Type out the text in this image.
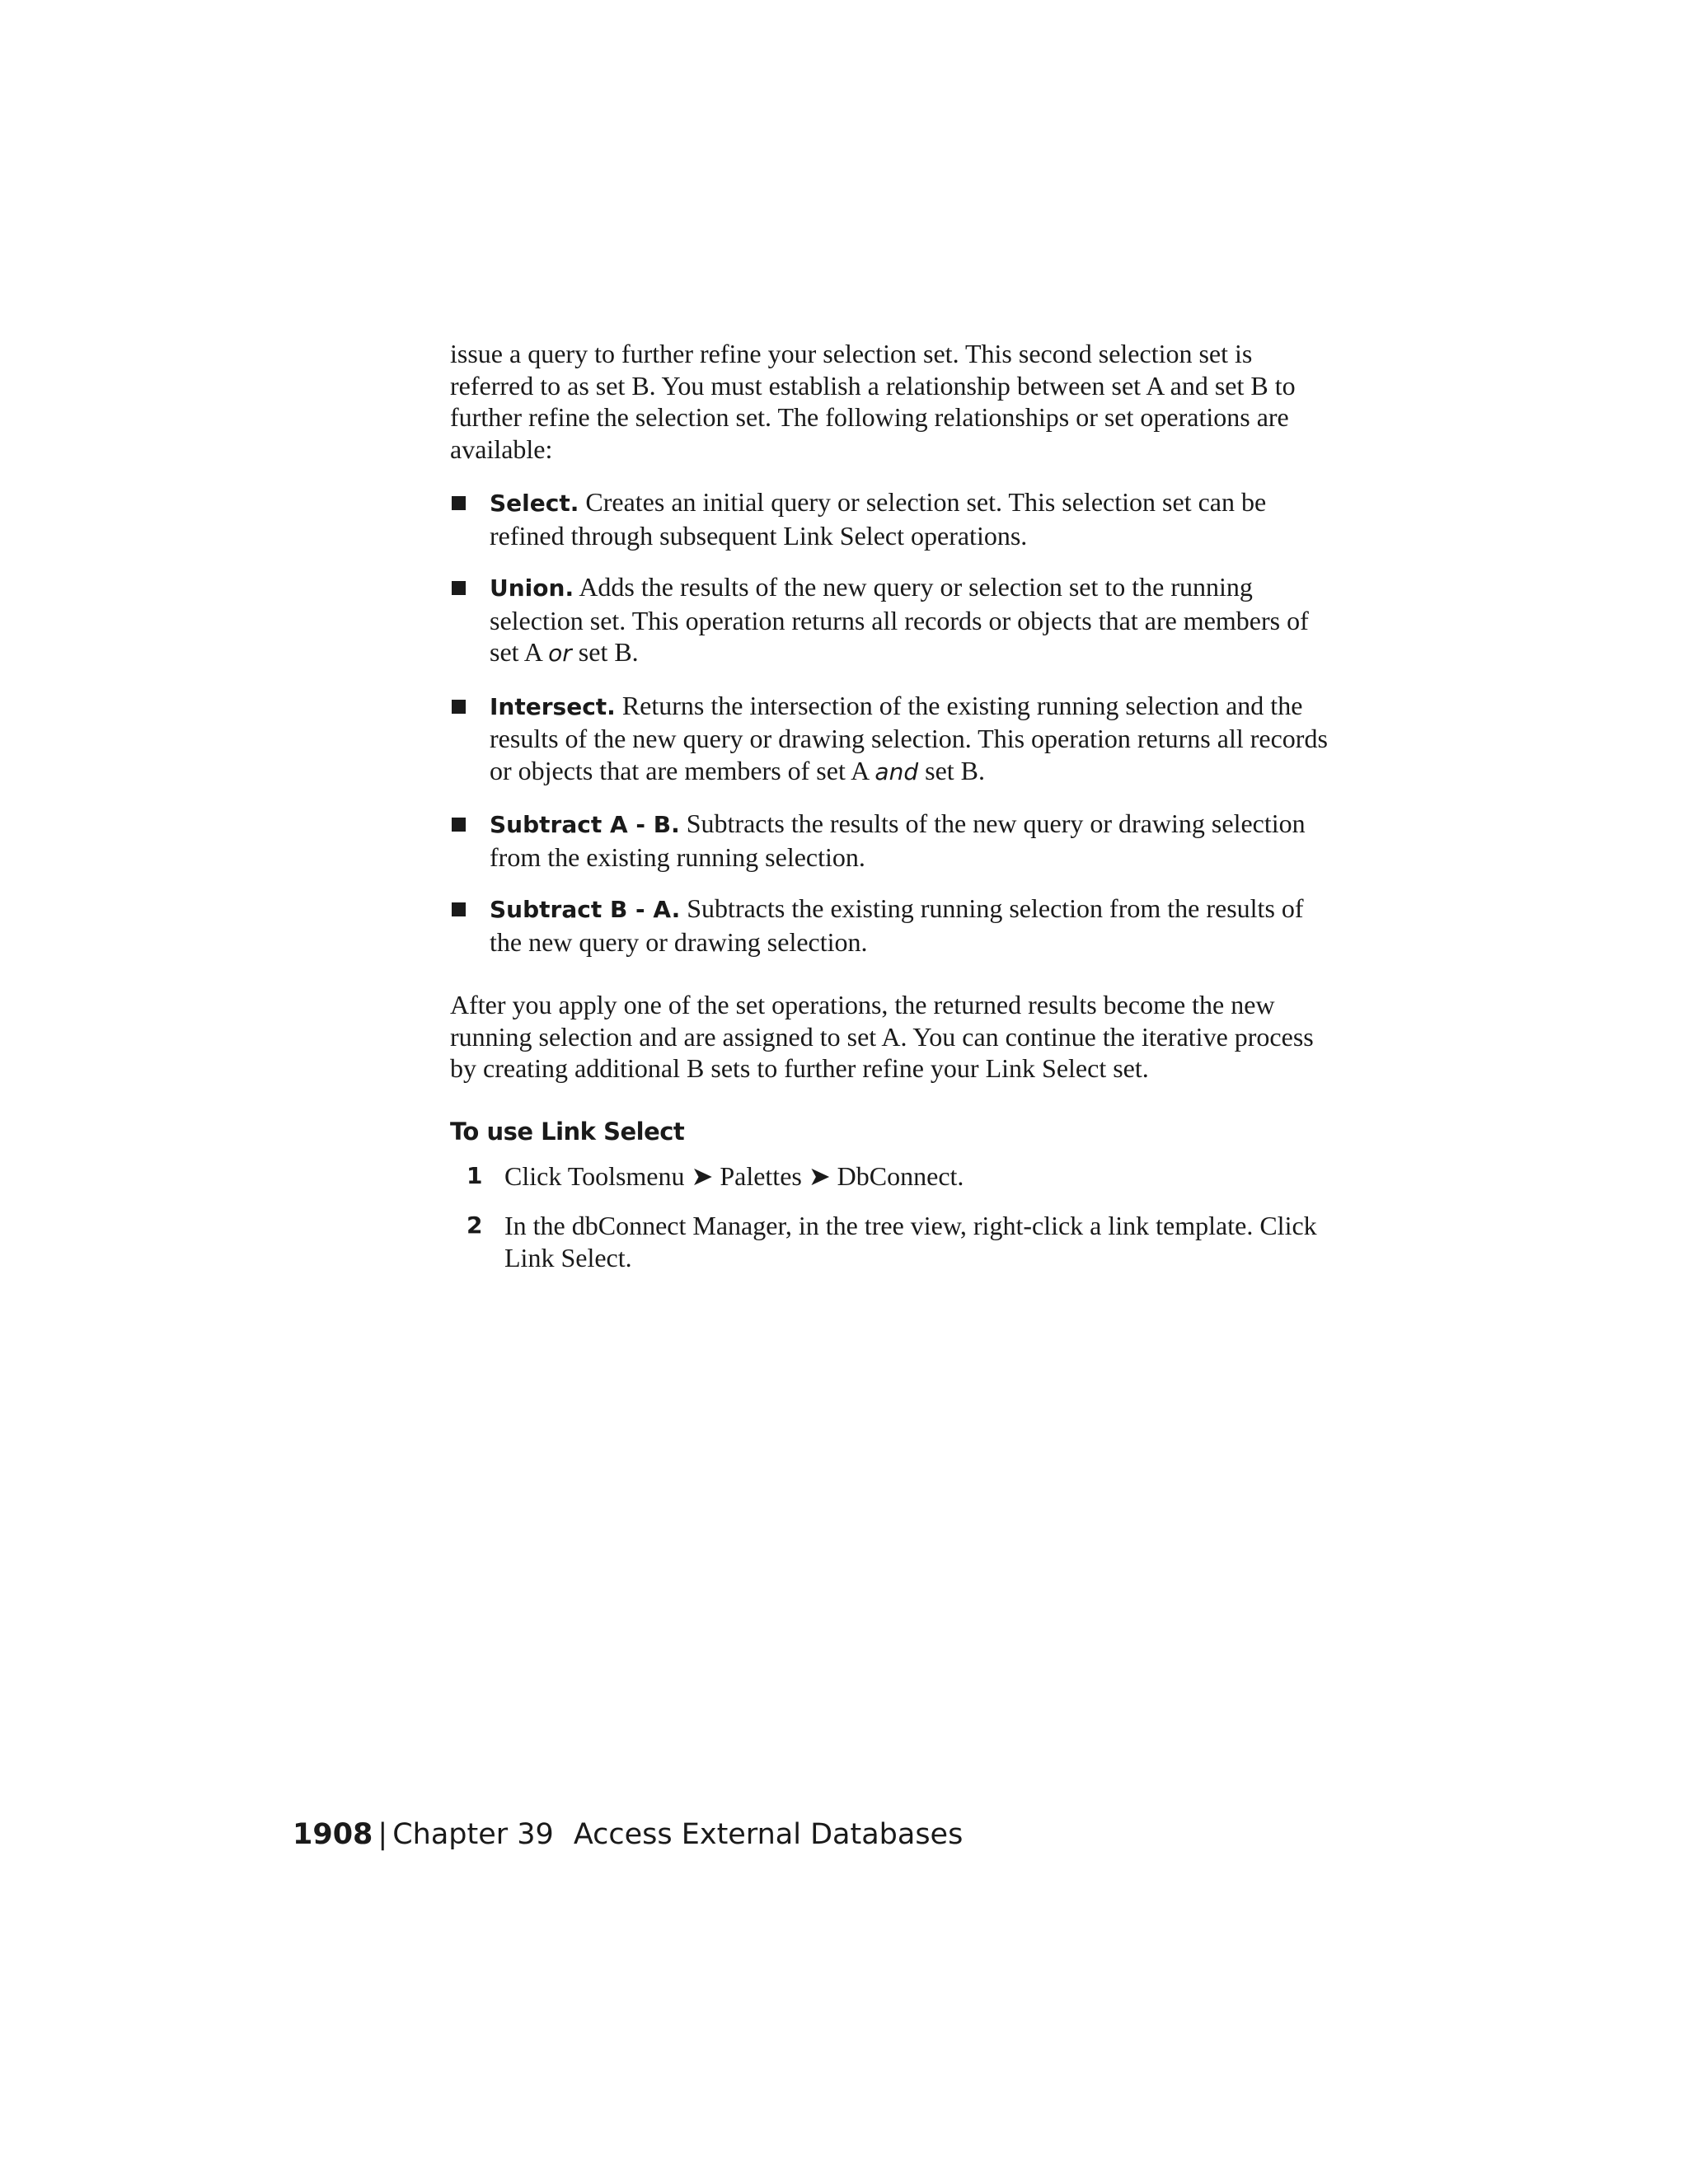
issue a query to further refine your selection set. This second selection set is referred to as set B. You must establish a relationship between set A and set B to further refine the selection set. The following relationships or set operations are available:

Select. Creates an initial query or selection set. This selection set can be refined through subsequent Link Select operations.
Union. Adds the results of the new query or selection set to the running selection set. This operation returns all records or objects that are members of set A or set B.
Intersect. Returns the intersection of the existing running selection and the results of the new query or drawing selection. This operation returns all records or objects that are members of set A and set B.
Subtract A - B. Subtracts the results of the new query or drawing selection from the existing running selection.
Subtract B - A. Subtracts the existing running selection from the results of the new query or drawing selection.

After you apply one of the set operations, the returned results become the new running selection and are assigned to set A. You can continue the iterative process by creating additional B sets to further refine your Link Select set.

To use Link Select
1 Click Toolsmenu ➤ Palettes ➤ DbConnect.
2 In the dbConnect Manager, in the tree view, right-click a link template. Click Link Select.
1908 | Chapter 39 Access External Databases
